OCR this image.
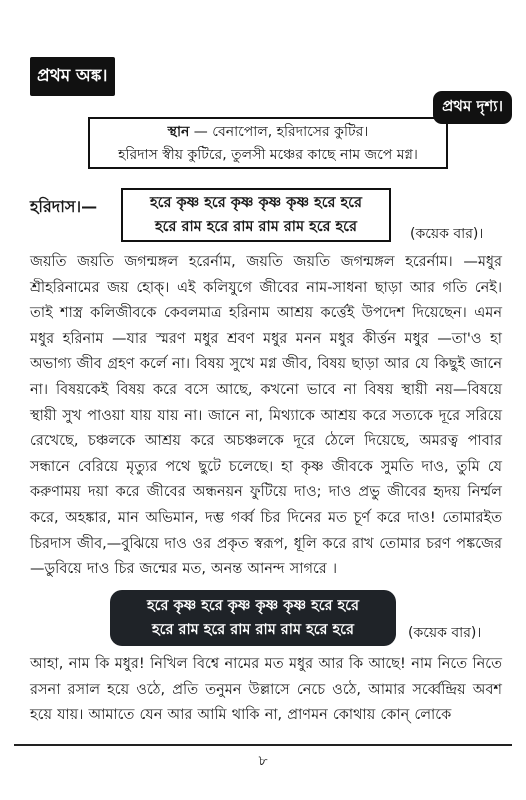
প্রথম অঙ্ক।
প্রথম দৃশ্য।
স্থান — বেনাপোল, হরিদাসের কুটির।
হরিদাস স্বীয় কুটিরে, তুলসী মঞ্চের কাছে নাম জপে মগ্ন।
হরিদাস।—	হরে কৃষ্ণ হরে কৃষ্ণ কৃষ্ণ কৃষ্ণ হরে হরে
হরে রাম হরে রাম রাম রাম হরে হরে	(কয়েক বার)।

জয়তি জয়তি জগন্মঙ্গল হরের্নাম, জয়তি জয়তি জগন্মঙ্গল হরের্নাম। —মধুর শ্রীহরিনামের জয় হোক্। এই কলিযুগে জীবের নাম-সাধনা ছাড়া আর গতি নেই। তাই শাস্ত্র কলিজীবকে কেবলমাত্র হরিনাম আশ্রয় কর্ত্তেই উপদেশ দিয়েছেন। এমন মধুর হরিনাম —যার স্মরণ মধুর শ্রবণ মধুর মনন মধুর কীর্ত্তন মধুর —তা'ও হা অভাগ্য জীব গ্রহণ কর্লে না। বিষয় সুখে মগ্ন জীব, বিষয় ছাড়া আর যে কিছুই জানে না। বিষয়কেই বিষয় করে বসে আছে, কখনো ভাবে না বিষয় স্থায়ী নয়—বিষয়ে স্থায়ী সুখ পাওয়া যায় যায় না। জানে না, মিথ্যাকে আশ্রয় করে সত্যকে দূরে সরিয়ে রেখেছে, চঞ্চলকে আশ্রয় করে অচঞ্চলকে দূরে ঠেলে দিয়েছে, অমরত্ব পাবার সন্ধানে বেরিয়ে মৃত্যুর পথে ছুটে চলেছে। হা কৃষ্ণ জীবকে সুমতি দাও, তুমি যে করুণাময় দয়া করে জীবের অন্ধনয়ন ফুটিয়ে দাও; দাও প্রভু জীবের হৃদয় নির্ম্মল করে, অহঙ্কার, মান অভিমান, দম্ভ গর্ব্ব চির দিনের মত চূর্ণ করে দাও! তোমারইত চিরদাস জীব,—বুঝিয়ে দাও ওর প্রকৃত স্বরূপ, ধূলি করে রাখ তোমার চরণ পঙ্কজের —ডুবিয়ে দাও চির জন্মের মত, অনন্ত আনন্দ সাগরে ।

হরে কৃষ্ণ হরে কৃষ্ণ কৃষ্ণ কৃষ্ণ হরে হরে
হরে রাম হরে রাম রাম রাম হরে হরে	(কয়েক বার)।

আহা, নাম কি মধুর! নিখিল বিশ্বে নামের মত মধুর আর কি আছে! নাম নিতে নিতে রসনা রসাল হয়ে ওঠে, প্রতি তনুমন উল্লাসে নেচে ওঠে, আমার সর্ব্বেন্দ্রিয় অবশ হয়ে যায়। আমাতে যেন আর আমি থাকি না, প্রাণমন কোথায় কোন্ লোকে

৮
